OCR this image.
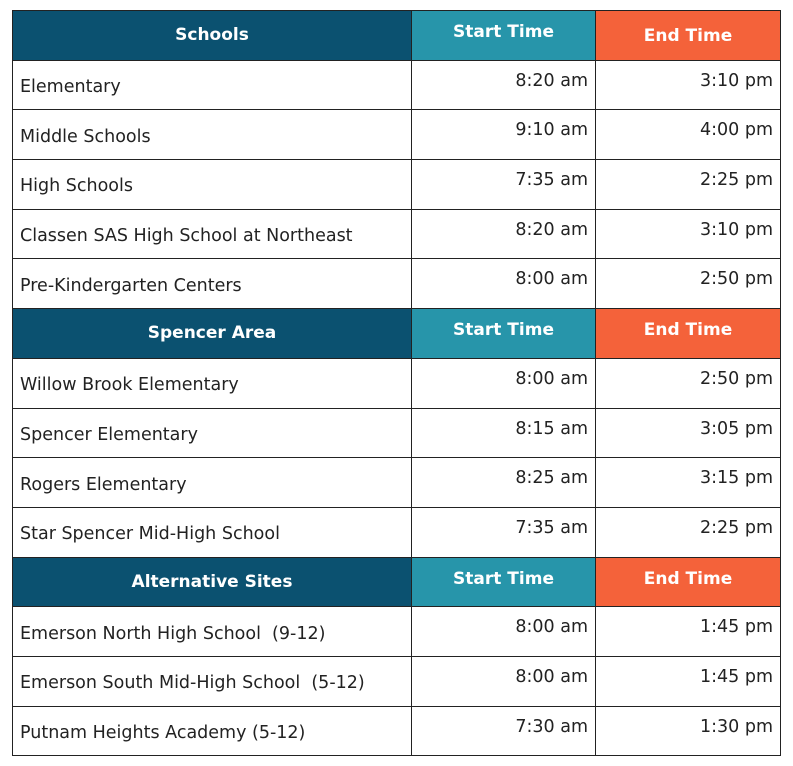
Schools	Start Time	End Time
Elementary	8:20 am	3:10 pm
Middle Schools	9:10 am	4:00 pm
High Schools	7:35 am	2:25 pm
Classen SAS High School at Northeast	8:20 am	3:10 pm
Pre-Kindergarten Centers	8:00 am	2:50 pm
Spencer Area	Start Time	End Time
Willow Brook Elementary	8:00 am	2:50 pm
Spencer Elementary	8:15 am	3:05 pm
Rogers Elementary	8:25 am	3:15 pm
Star Spencer Mid-High School	7:35 am	2:25 pm
Alternative Sites	Start Time	End Time
Emerson North High School  (9-12)	8:00 am	1:45 pm
Emerson South Mid-High School  (5-12)	8:00 am	1:45 pm
Putnam Heights Academy (5-12)	7:30 am	1:30 pm
